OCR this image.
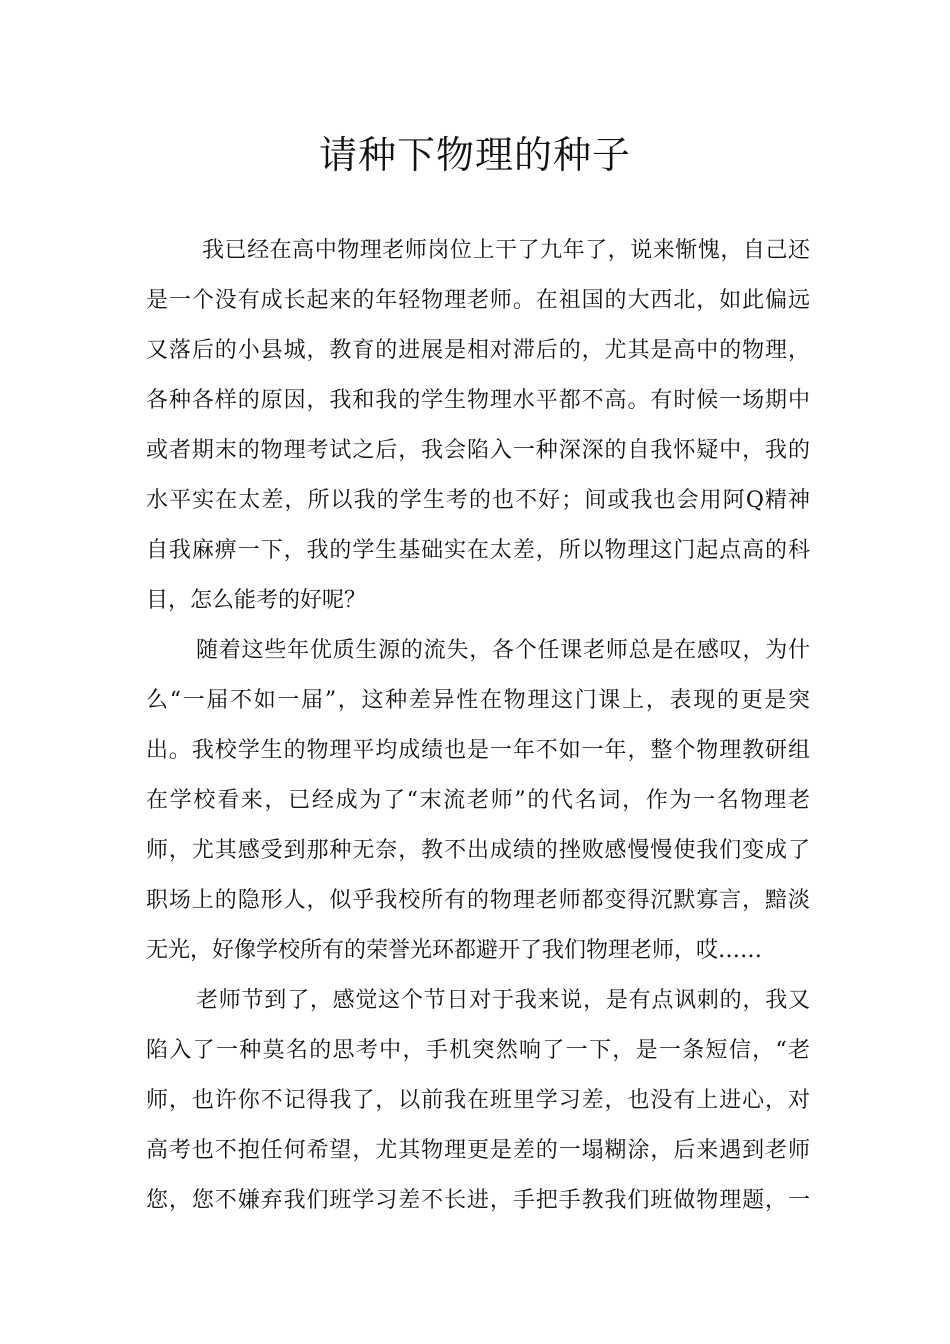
请种下物理的种子
我已经在高中物理老师岗位上干了九年了，说来惭愧，自己还
是一个没有成长起来的年轻物理老师。在祖国的大西北，如此偏远
又落后的小县城，教育的进展是相对滞后的，尤其是高中的物理，
各种各样的原因，我和我的学生物理水平都不高。有时候一场期中
或者期末的物理考试之后，我会陷入一种深深的自我怀疑中，我的
水平实在太差，所以我的学生考的也不好；间或我也会用阿Q精神
自我麻痹一下，我的学生基础实在太差，所以物理这门起点高的科
目，怎么能考的好呢？
随着这些年优质生源的流失，各个任课老师总是在感叹，为什
么“一届不如一届”，这种差异性在物理这门课上，表现的更是突
出。我校学生的物理平均成绩也是一年不如一年，整个物理教研组
在学校看来，已经成为了“末流老师”的代名词，作为一名物理老
师，尤其感受到那种无奈，教不出成绩的挫败感慢慢使我们变成了
职场上的隐形人，似乎我校所有的物理老师都变得沉默寡言，黯淡
无光，好像学校所有的荣誉光环都避开了我们物理老师，哎……
老师节到了，感觉这个节日对于我来说，是有点讽刺的，我又
陷入了一种莫名的思考中，手机突然响了一下，是一条短信，“老
师，也许你不记得我了，以前我在班里学习差，也没有上进心，对
高考也不抱任何希望，尤其物理更是差的一塌糊涂，后来遇到老师
您，您不嫌弃我们班学习差不长进，手把手教我们班做物理题，一
